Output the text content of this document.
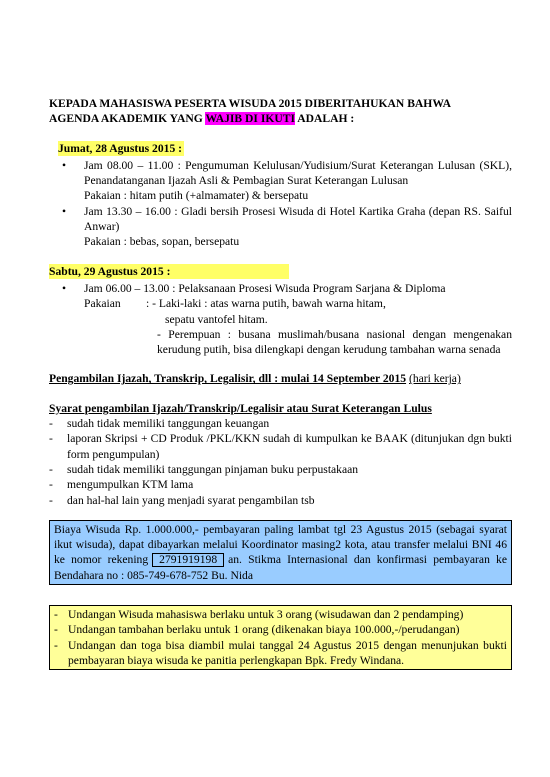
KEPADA MAHASISWA PESERTA WISUDA 2015 DIBERITAHUKAN BAHWA
AGENDA AKADEMIK YANG WAJIB DI IKUTI ADALAH :
Jumat, 28 Agustus 2015 :
• Jam 08.00 – 11.00 : Pengumuman Kelulusan/Yudisium/Surat Keterangan Lulusan (SKL), Penandatanganan Ijazah Asli & Pembagian Surat Keterangan Lulusan
Pakaian : hitam putih (+almamater) & bersepatu
• Jam 13.30 – 16.00 : Gladi bersih Prosesi Wisuda di Hotel Kartika Graha (depan RS. Saiful Anwar)
Pakaian : bebas, sopan, bersepatu
Sabtu, 29 Agustus 2015 :
• Jam 06.00 – 13.00 : Pelaksanaan Prosesi Wisuda Program Sarjana & Diploma
Pakaian	: - Laki-laki : atas warna putih, bawah warna hitam,
sepatu vantofel hitam.
- Perempuan : busana muslimah/busana nasional dengan mengenakan kerudung putih, bisa dilengkapi dengan kerudung tambahan warna senada
Pengambilan Ijazah, Transkrip, Legalisir, dll : mulai 14 September 2015 (hari kerja)
Syarat pengambilan Ijazah/Transkrip/Legalisir atau Surat Keterangan Lulus
- sudah tidak memiliki tanggungan keuangan
- laporan Skripsi + CD Produk /PKL/KKN sudah di kumpulkan ke BAAK (ditunjukan dgn bukti form pengumpulan)
- sudah tidak memiliki tanggungan pinjaman buku perpustakaan
- mengumpulkan KTM lama
- dan hal-hal lain yang menjadi syarat pengambilan tsb
Biaya Wisuda Rp. 1.000.000,- pembayaran paling lambat tgl 23 Agustus 2015 (sebagai syarat ikut wisuda), dapat dibayarkan melalui Koordinator masing2 kota, atau transfer melalui BNI 46 ke nomor rekening 2791919198 an. Stikma Internasional dan konfirmasi pembayaran ke Bendahara no : 085-749-678-752 Bu. Nida
- Undangan Wisuda mahasiswa berlaku untuk 3 orang (wisudawan dan 2 pendamping)
- Undangan tambahan berlaku untuk 1 orang (dikenakan biaya 100.000,-/perudangan)
- Undangan dan toga bisa diambil mulai tanggal 24 Agustus 2015 dengan menunjukan bukti pembayaran biaya wisuda ke panitia perlengkapan Bpk. Fredy Windana.
